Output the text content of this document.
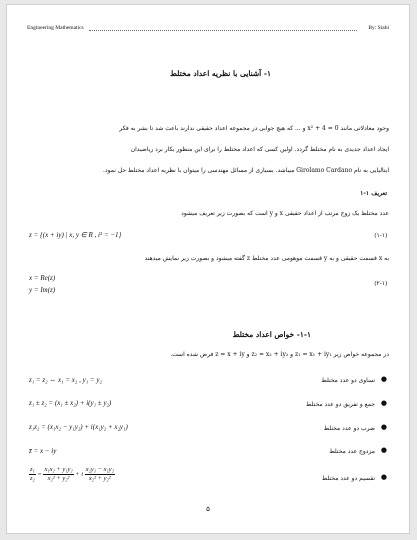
Engineering Mathematics	By: Siabi
۱- آشنایی با نظریه اعداد مختلط
وجود معادلاتی مانند x² + 4 = 0 و ... که هیچ جوابی در مجموعه اعداد حقیقی ندارند باعث شد تا بشر به فکر
ایجاد اعداد جدیدی به نام مختلط گردد. اولین کسی که اعداد مختلط را برای این منظور بکار برد ریاضیدان
ایتالیایی به نام Girolamo Cardano میباشد. بسیاری از مسائل مهندسی را میتوان با نظریه اعداد مختلط حل نمود.
تعریف ۱-۱
عدد مختلط یک زوج مرتب از اعداد حقیقی x و y است که بصورت زیر تعریف میشود
z = {(x + iy) | x, y ∈ R , i² = −1}	(۱-۱)
به x قسمت حقیقی و به y قسمت موهومی عدد مختلط z گفته میشود و بصورت زیر نمایش میدهند
x = Re(z)
y = Im(z)
(۲-۱)
۱-۱- خواص اعداد مختلط
در مجموعه خواص زیر z₁ = x₁ + iy₁ و z₂ = x₂ + iy₂ و z = x + iy فرض شده است.
تساوی دو عدد مختلط ●
z₁ = z₂ ⇔ x₁ = x₂ , y₁ = y₂
جمع و تفریق دو عدد مختلط ●
z₁ ± z₂ = (x₁ ± x₂) + i(y₁ ± y₂)
ضرب دو عدد مختلط ●
z₁z₂ = (x₁x₂ − y₁y₂) + i(x₁y₂ + x₂y₁)
مزدوج عدد مختلط ●
z̄ = x − iy
تقسیم دو عدد مختلط ●
$\frac{\text{z₁}}{\text{z₂}} = \frac{\text{x₁x₂ + y₁y₂}}{\text{x₂² + y₂²}} + i \frac{\text{x₂y₁ − x₁y₂}}{\text{x₂² + y₂²}}$
۵
